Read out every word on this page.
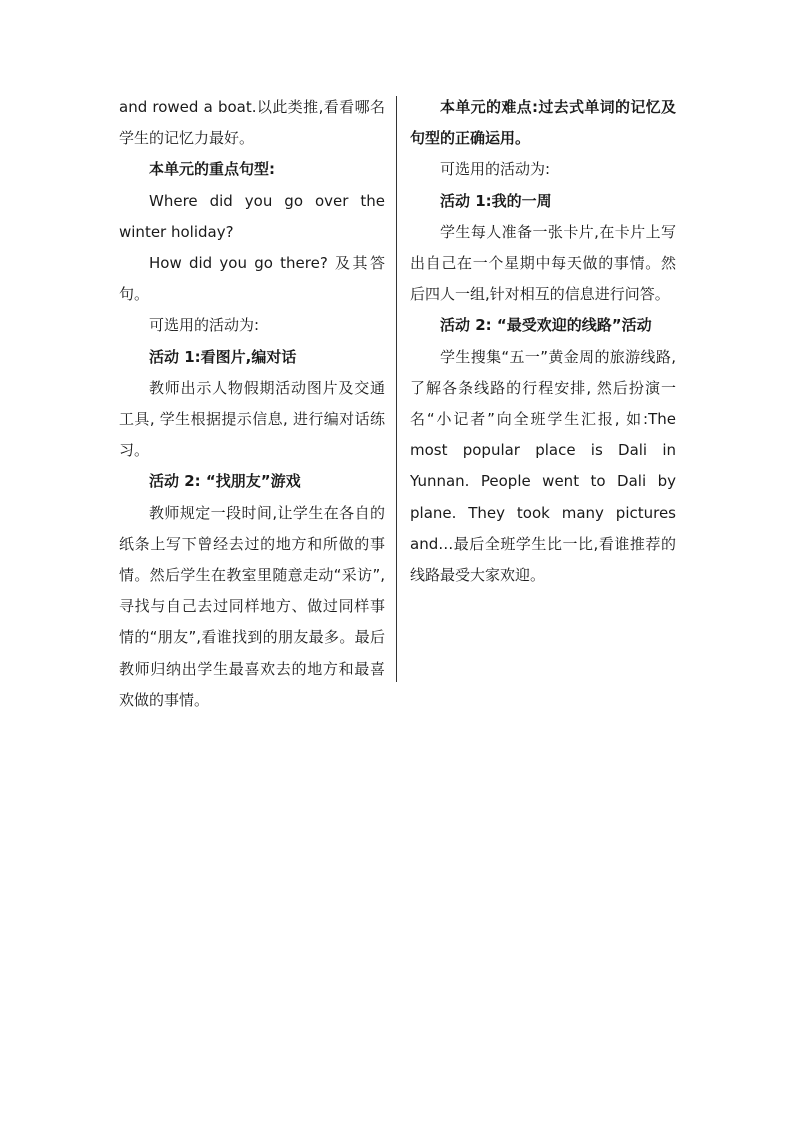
and rowed a boat.以此类推,看看哪名学生的记忆力最好。

本单元的重点句型:

Where did you go over the winter holiday?

How did you go there? 及其答句。

可选用的活动为:

活动 1:看图片,编对话

教师出示人物假期活动图片及交通工具, 学生根据提示信息, 进行编对话练习。

活动 2: “找朋友”游戏

教师规定一段时间,让学生在各自的纸条上写下曾经去过的地方和所做的事情。然后学生在教室里随意走动“采访”,寻找与自己去过同样地方、做过同样事情的“朋友”,看谁找到的朋友最多。最后教师归纳出学生最喜欢去的地方和最喜欢做的事情。

本单元的难点:过去式单词的记忆及句型的正确运用。

可选用的活动为:

活动 1:我的一周

学生每人准备一张卡片,在卡片上写出自己在一个星期中每天做的事情。然后四人一组,针对相互的信息进行问答。

活动 2: “最受欢迎的线路”活动

学生搜集“五一”黄金周的旅游线路, 了解各条线路的行程安排, 然后扮演一名“小记者”向全班学生汇报, 如:The most popular place is Dali in Yunnan. People went to Dali by plane. They took many pictures and…最后全班学生比一比,看谁推荐的线路最受大家欢迎。
